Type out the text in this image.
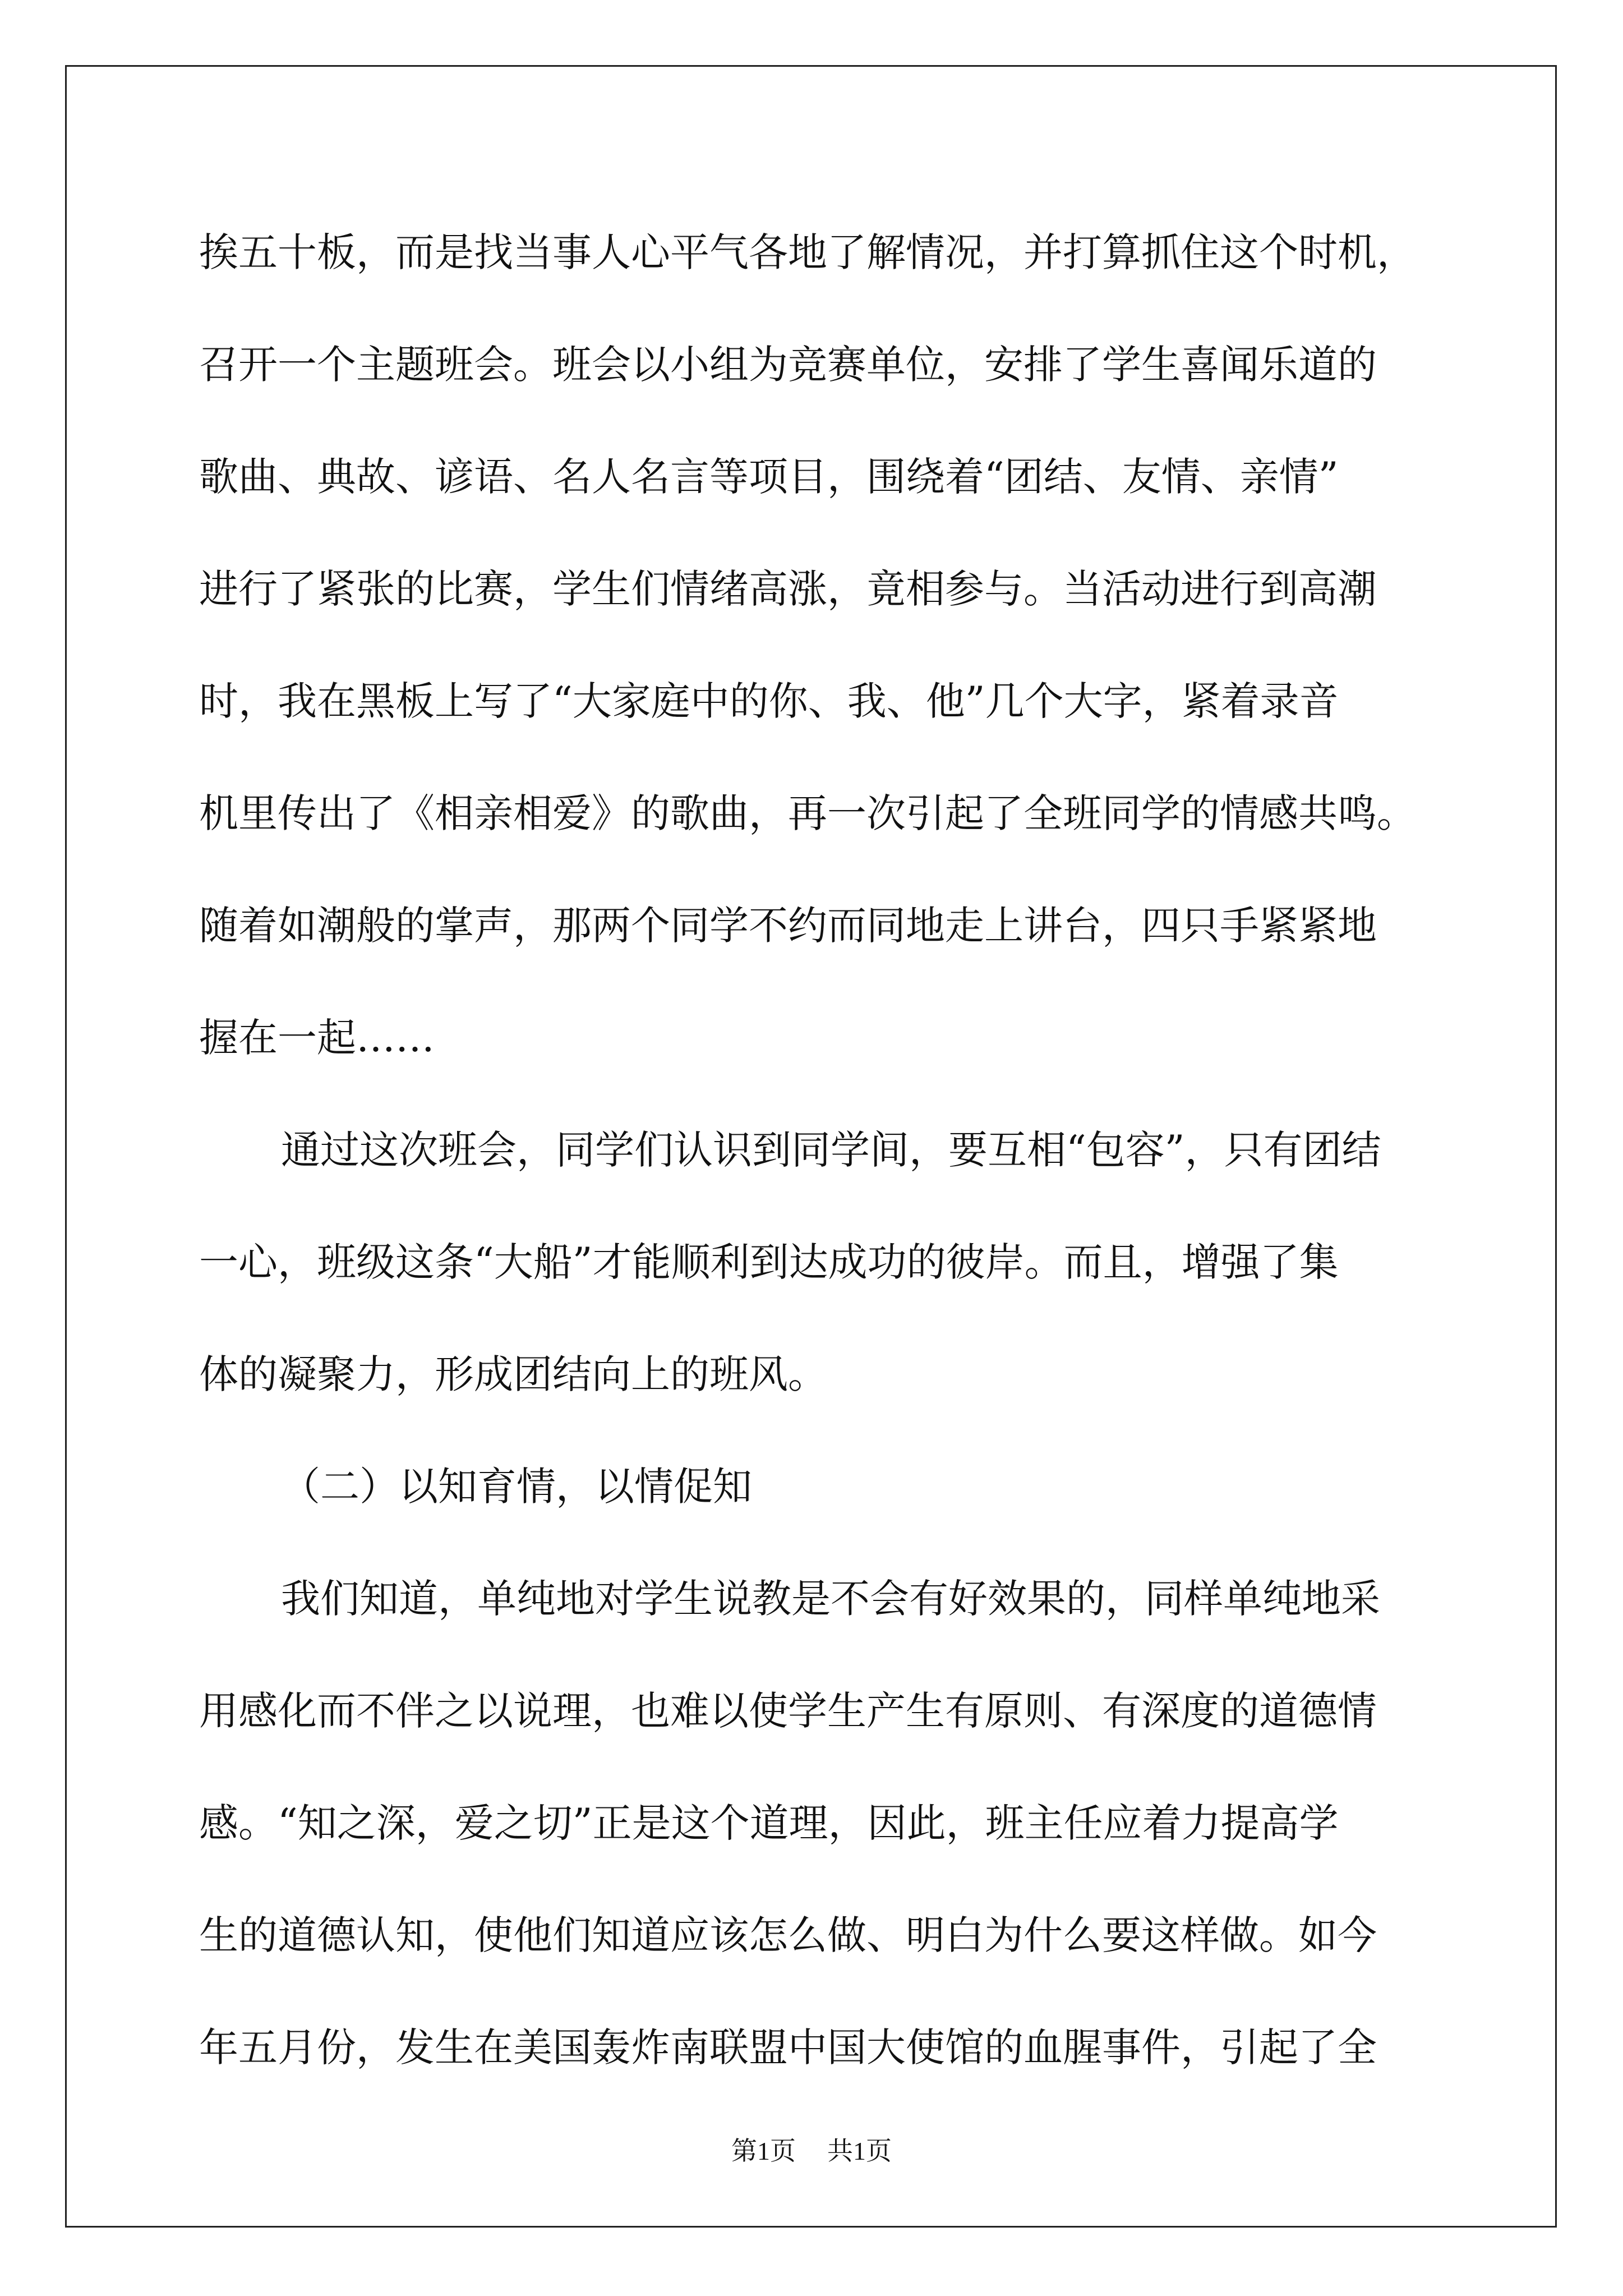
挨五十板，而是找当事人心平气各地了解情况，并打算抓住这个时机，
召开一个主题班会。班会以小组为竞赛单位，安排了学生喜闻乐道的
歌曲、典故、谚语、名人名言等项目，围绕着“团结、友情、亲情”
进行了紧张的比赛，学生们情绪高涨，竟相参与。当活动进行到高潮
时，我在黑板上写了“大家庭中的你、我、他”几个大字，紧着录音
机里传出了《相亲相爱》的歌曲，再一次引起了全班同学的情感共鸣。
随着如潮般的掌声，那两个同学不约而同地走上讲台，四只手紧紧地
握在一起……
通过这次班会，同学们认识到同学间，要互相“包容”，只有团结
一心，班级这条“大船”才能顺利到达成功的彼岸。而且，增强了集
体的凝聚力，形成团结向上的班风。
（二）以知育情，以情促知
我们知道，单纯地对学生说教是不会有好效果的，同样单纯地采
用感化而不伴之以说理，也难以使学生产生有原则、有深度的道德情
感。“知之深，爱之切”正是这个道理，因此，班主任应着力提高学
生的道德认知，使他们知道应该怎么做、明白为什么要这样做。如今
年五月份，发生在美国轰炸南联盟中国大使馆的血腥事件，引起了全
第1页 共1页
